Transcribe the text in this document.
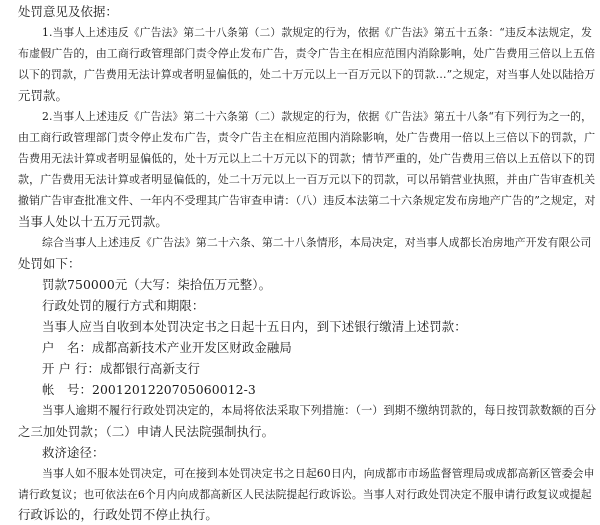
处罚意见及依据：
1.当事人上述违反《广告法》第二十八条第（二）款规定的行为，依据《广告法》第五十五条：“违反本法规定，发
布虚假广告的，由工商行政管理部门责令停止发布广告，责令广告主在相应范围内消除影响，处广告费用三倍以上五倍
以下的罚款，广告费用无法计算或者明显偏低的，处二十万元以上一百万元以下的罚款…”之规定，对当事人处以陆拾万
元罚款。
2.当事人上述违反《广告法》第二十六条第（二）款规定的行为，依据《广告法》第五十八条“有下列行为之一的，
由工商行政管理部门责令停止发布广告，责令广告主在相应范围内消除影响，处广告费用一倍以上三倍以下的罚款，广
告费用无法计算或者明显偏低的，处十万元以上二十万元以下的罚款；情节严重的，处广告费用三倍以上五倍以下的罚
款，广告费用无法计算或者明显偏低的，处二十万元以上一百万元以下的罚款，可以吊销营业执照，并由广告审查机关
撤销广告审查批准文件、一年内不受理其广告审查申请：（八）违反本法第二十六条规定发布房地产广告的”之规定，对
当事人处以十五万元罚款。
综合当事人上述违反《广告法》第二十六条、第二十八条情形，本局决定，对当事人成都长冶房地产开发有限公司
处罚如下：
罚款750000元（大写：柒拾伍万元整）。
行政处罚的履行方式和期限：
当事人应当自收到本处罚决定书之日起十五日内，到下述银行缴清上述罚款：
户　名：成都高新技术产业开发区财政金融局
开 户 行：成都银行高新支行
帐　号：2001201220705060012-3
当事人逾期不履行行政处罚决定的，本局将依法采取下列措施：（一）到期不缴纳罚款的，每日按罚款数额的百分
之三加处罚款；（二）申请人民法院强制执行。
救济途径：
当事人如不服本处罚决定，可在接到本处罚决定书之日起60日内，向成都市市场监督管理局或成都高新区管委会申
请行政复议；也可依法在6个月内向成都高新区人民法院提起行政诉讼。当事人对行政处罚决定不服申请行政复议或提起
行政诉讼的，行政处罚不停止执行。
